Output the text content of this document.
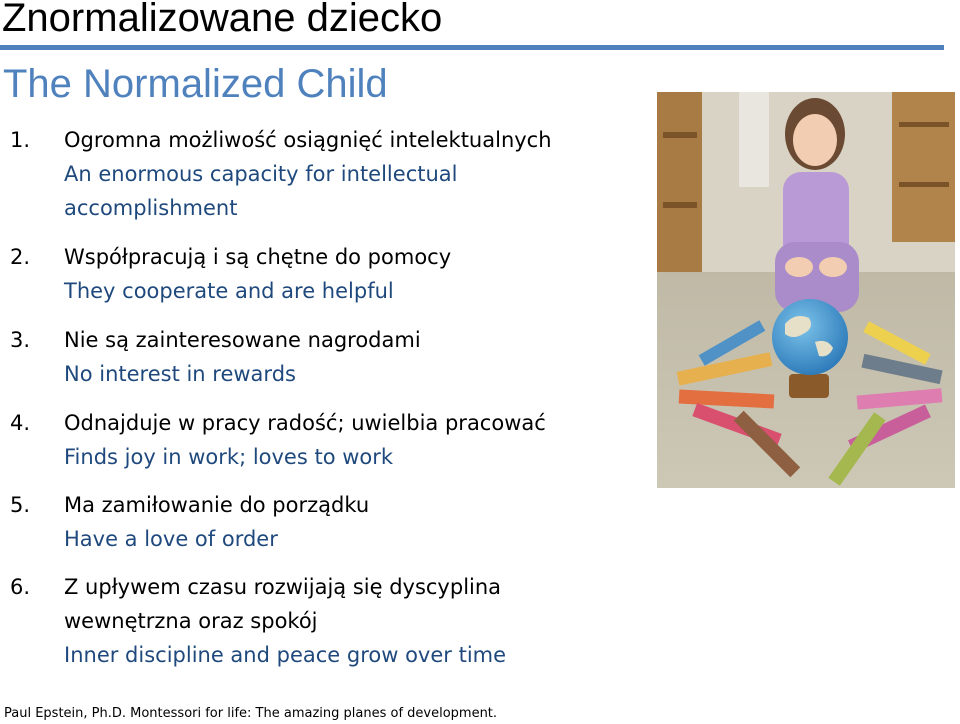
Znormalizowane dziecko
The Normalized Child
1. Ogromna możliwość osiągnięć intelektualnych
An enormous capacity for intellectual
accomplishment
2. Współpracują i są chętne do pomocy
They cooperate and are helpful
3. Nie są zainteresowane nagrodami
No interest in rewards
4. Odnajduje w pracy radość; uwielbia pracować
Finds joy in work; loves to work
5. Ma zamiłowanie do porządku
Have a love of order
6. Z upływem czasu rozwijają się dyscyplina
wewnętrzna oraz spokój
Inner discipline and peace grow over time
Paul Epstein, Ph.D. Montessori for life: The amazing planes of development.
